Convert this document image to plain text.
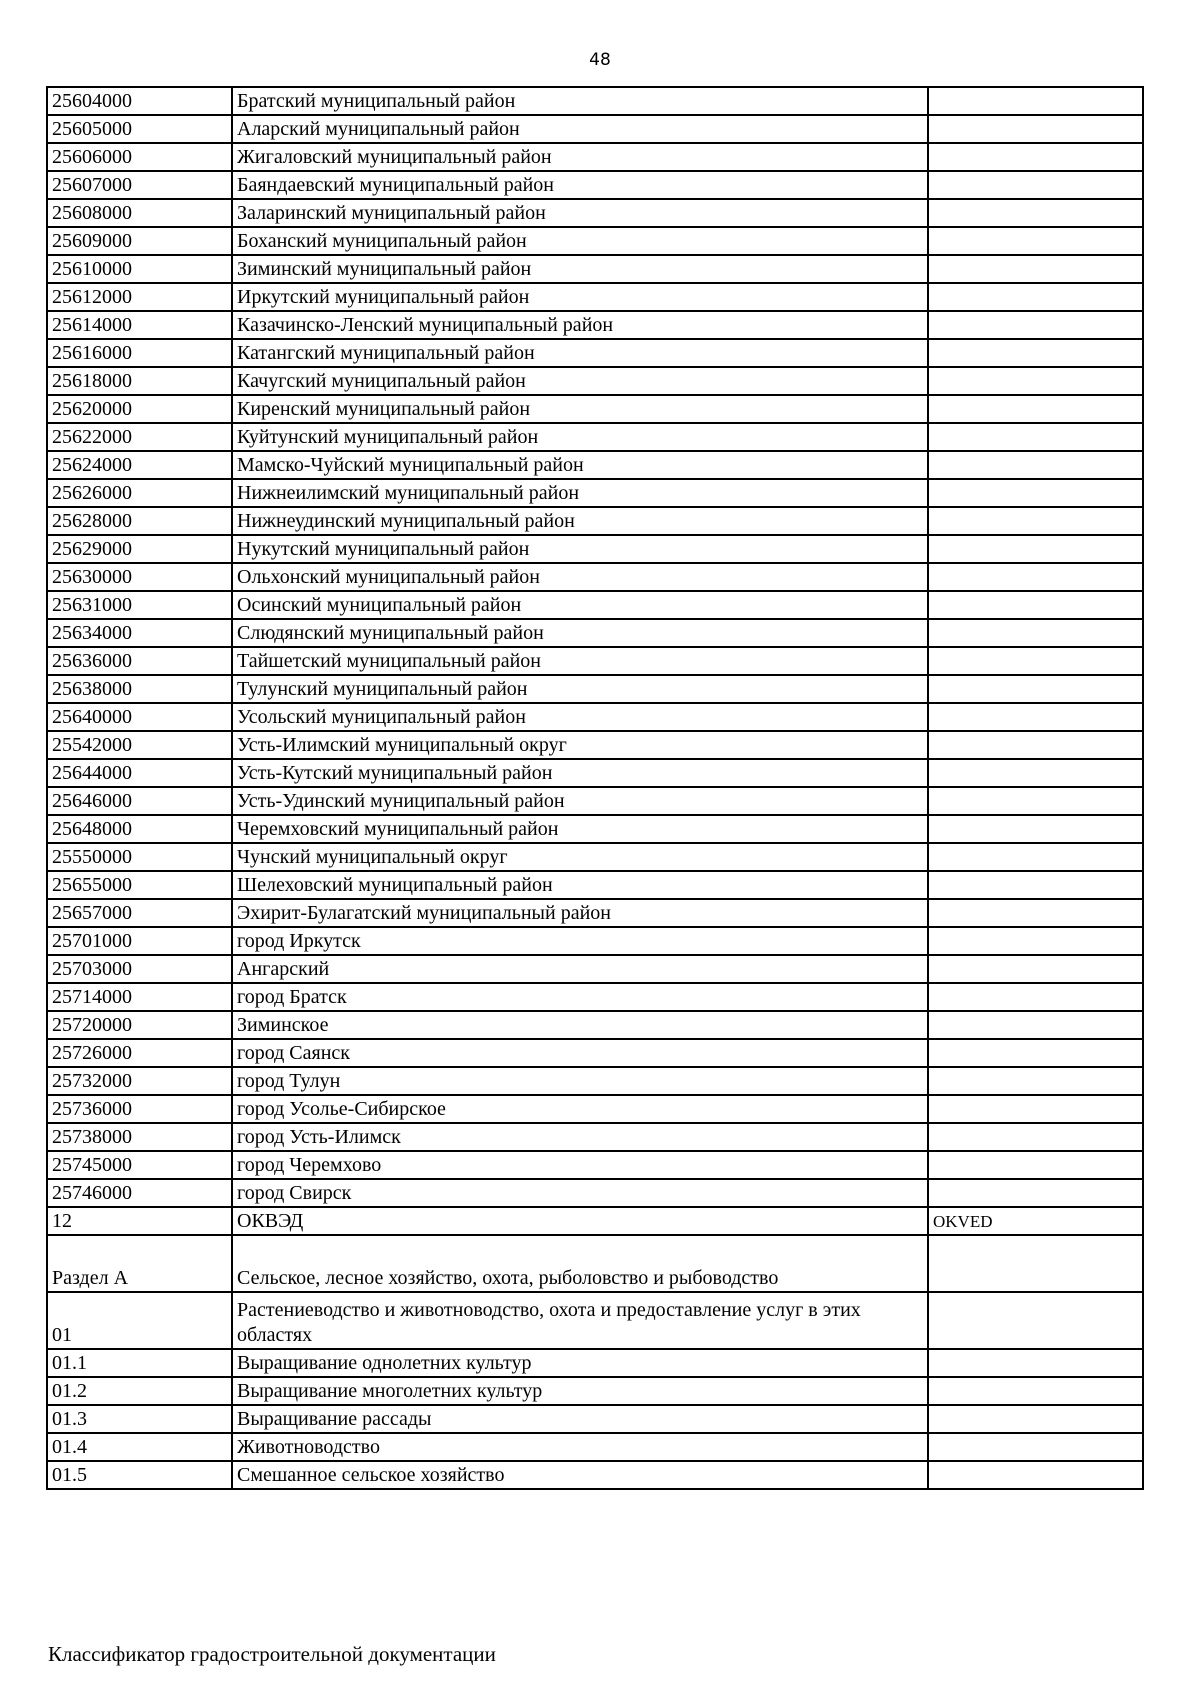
48
25604000	Братский муниципальный район	
25605000	Аларский муниципальный район	
25606000	Жигаловский муниципальный район	
25607000	Баяндаевский муниципальный район	
25608000	Заларинский муниципальный район	
25609000	Боханский муниципальный район	
25610000	Зиминский муниципальный район	
25612000	Иркутский муниципальный район	
25614000	Казачинско-Ленский муниципальный район	
25616000	Катангский муниципальный район	
25618000	Качугский муниципальный район	
25620000	Киренский муниципальный район	
25622000	Куйтунский муниципальный район	
25624000	Мамско-Чуйский муниципальный район	
25626000	Нижнеилимский муниципальный район	
25628000	Нижнеудинский муниципальный район	
25629000	Нукутский муниципальный район	
25630000	Ольхонский муниципальный район	
25631000	Осинский муниципальный район	
25634000	Слюдянский муниципальный район	
25636000	Тайшетский муниципальный район	
25638000	Тулунский муниципальный район	
25640000	Усольский муниципальный район	
25542000	Усть-Илимский муниципальный округ	
25644000	Усть-Кутский муниципальный район	
25646000	Усть-Удинский муниципальный район	
25648000	Черемховский муниципальный район	
25550000	Чунский муниципальный округ	
25655000	Шелеховский муниципальный район	
25657000	Эхирит-Булагатский муниципальный район	
25701000	город Иркутск	
25703000	Ангарский	
25714000	город Братск	
25720000	Зиминское	
25726000	город Саянск	
25732000	город Тулун	
25736000	город Усолье-Сибирское	
25738000	город Усть-Илимск	
25745000	город Черемхово	
25746000	город Свирск	
12	ОКВЭД	OKVED
Раздел A	Сельское, лесное хозяйство, охота, рыболовство и рыбоводство	
01	Растениеводство и животноводство, охота и предоставление услуг в этих областях	
01.1	Выращивание однолетних культур	
01.2	Выращивание многолетних культур	
01.3	Выращивание рассады	
01.4	Животноводство	
01.5	Смешанное сельское хозяйство	
Классификатор градостроительной документации
